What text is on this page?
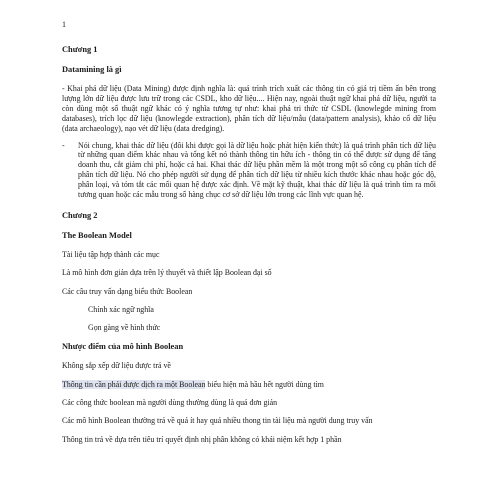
1
Chương 1
Datamining là gì
- Khai phá dữ liệu (Data Mining) được định nghĩa là: quá trình trích xuất các thông tin có giá trị tiềm ẩn bên trong lượng lớn dữ liệu được lưu trữ trong các CSDL, kho dữ liệu.... Hiện nay, ngoài thuật ngữ khai phá dữ liệu, người ta còn dùng một số thuật ngữ khác có ý nghĩa tương tự như: khai phá tri thức từ CSDL (knowlegde mining from databases), trích lọc dữ liệu (knowlegde extraction), phân tích dữ liệu/mẫu (data/pattern analysis), khảo cổ dữ liệu (data archaeology), nạo vét dữ liệu (data dredging).
- Nói chung, khai thác dữ liệu (đôi khi được gọi là dữ liệu hoặc phát hiện kiến thức) là quá trình phân tích dữ liệu từ những quan điểm khác nhau và tổng kết nó thành thông tin hữu ích - thông tin có thể được sử dụng để tăng doanh thu, cắt giảm chi phí, hoặc cả hai. Khai thác dữ liệu phần mềm là một trong một số công cụ phân tích để phân tích dữ liệu. Nó cho phép người sử dụng để phân tích dữ liệu từ nhiều kích thước khác nhau hoặc góc độ, phân loại, và tóm tắt các mối quan hệ được xác định. Về mặt kỹ thuật, khai thác dữ liệu là quá trình tìm ra mối tương quan hoặc các mẫu trong số hàng chục cơ sở dữ liệu lớn trong các lĩnh vực quan hệ.
Chương 2
The Boolean Model
Tài liệu tập hợp thành các mục
Là mô hình đơn giản dựa trên lý thuyết và thiết lập Boolean đại số
Các câu truy vấn dạng biểu thức Boolean
Chính xác ngữ nghĩa
Gọn gàng về hình thức
Nhược điểm của mô hình Boolean
Không sắp xếp dữ liệu được trả về
Thông tin cần phải được dịch ra một Boolean biểu hiện mà hầu hết người dùng tìm
Các công thức boolean mà người dùng thường dùng là quá đơn giản
Các mô hình Boolean thường trả về quá ít hay quá nhiều thong tin tài liệu mà người dung truy vấn
Thông tin trả về dựa trên tiêu trí quyết định nhị phân không có khái niệm kết hợp 1 phần
